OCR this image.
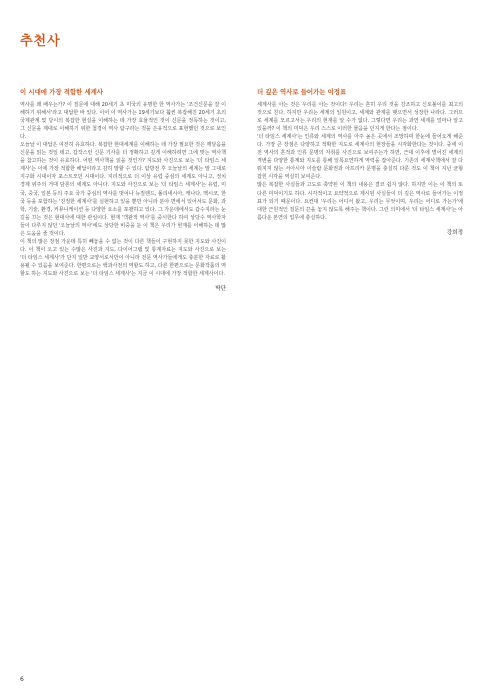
추천사
이 시대에 가장 적합한 세계사

역사를 왜 배우는가? 이 질문에 대해 20세기 초 미국의 유명한 한 역사가는 '조건신문을 잘 이해하기 위해서'라고 대답한 바 있다. 이어 이 역사가는 19세기보다 훨씬 복잡해진 20세기 초의 국제관계 및 당시의 복잡한 현실을 이해하는 데 가장 효율적인 것이 신문을 정독하는 것이고, 그 신문을 제대로 이해하기 위한 첩경이 역사 탐구라는 것을 은유적으로 표현했던 것으로 보인다.

오늘날 이 대답은 여전히 유효하다. 복잡한 현대세계를 이해하는 데 가장 필요한 것은 깨달음을 신문을 읽는 것일 테고, 갑작스런 신문 기사를 더 정확하고 깊게 이해하려면 그에 맞는 역사책을 참고하는 것이 유효하다. 어떤 역사책을 읽을 것인가? 지도와 사진으로 보는 '더 타임스 세계사'는 이에 가장 적합한 해답이라고 감히 말할 수 있다. 탐방전 후 오늘날의 세계는 말 그대로 지구화 시대이자 포스트모던 시대이다. 지리적으로 더 이상 유럽 중심의 세계도 아니고, 정치 경제 위주의 거대 담론의 세계도 아니다. 지도와 사진으로 보는 '더 타임스 세계사'는 유럽, 미국, 중국, 일본 등의 주요 국가 중심의 역사를 벗어나 뉴질랜드, 폴리네시아, 캐나다, 멕시코, 한국 등을 포함하는 '진정한 세계사'를 실현하고 있을 뿐만 아니라 분야 면에서 있어서도 문화, 과학, 기술, 환경, 커뮤니케이션 등 다양한 요소를 포괄하고 있다. 그 가운데에서도 갑수지라는 눈길을 끄는 것은 현대사에 대한 관심이다. 현재 '객관적 역사'를 중시한다 하여 상당수 역사학자들이 다루지 않던 '오늘날의 역사'에도 상당한 비중을 둔 이 책은 우리가 현재를 이해하는 데 많은 도움을 줄 것이다.

이 책의 많은 장점 가운데 특히 빼놓을 수 없는 것이 다른 책들이 구현하지 못한 지도와 사진이다. 이 책이 오고 있는 수많은 사진과 지도, 다이어그램 및 통계자료는 지도와 사진으로 보는 '더 타임스 세계사'가 단지 일반 교양서로서만이 아니라 전문 역사가들에게도 충분한 자료로 활용될 수 있음을 보여준다. 한편으로는 백과사전의 역할도 하고, 다른 한편으로는 문화작품의 역할도 하는 지도와 사진으로 보는 '더 타임스 세계사'는 지금 이 시대에 가장 적합한 세계사이다.

박단
더 깊은 역사로 들어가는 이정표

세계사를 아는 것은 우리를 아는 것이다! 우리는 흔히 우리 것을 강조하고 신토불이를 최고의 것으로 친다. 하지만 우리는 세계의 일원이고, 세계와 관계를 맺으면서 성장한 나라다. 그러므로 세계를 모르고서는 우리의 현재를 알 수가 없다. 그렇다면 우리는 과연 세계를 얼마나 알고 있을까? 이 책의 미덕은 우리 스스로 이러한 물음을 던지게 한다는 점이다.

'더 타임스 세계사'는 인류와 세계의 역사를 아주 높은 곳에서 조망하며 한눈에 들어오게 해준다. 가장 큰 장점은 다양하고 적확한 지도로 세계사의 현장들을 시각화한다는 것이다. 중세 이전 역사의 흔적과 인류 문명의 자취를 사진으로 보여주는가 하면, 근대 이후에 벌어진 세계의 격변을 다양한 통계와 지도를 통해 일목요연하게 역력을 잡아준다. 기존의 세계사책에서 잘 다뤄지지 않는 서아시아 이슬람 문화권과 아프리카 문명을 충실히 다룬 것도 이 책이 지닌 균형 잡힌 시각을 역실히 보여준다.

많은 복잡한 사실들과 고도로 축약된 이 책의 내용은 결코 쉽지 않다. 하지만 이는 이 책의 또 다른 미덕이기도 하다. 시각적이고 요약적으로 제시된 사실들이 더 깊은 역사로 들어가는 이정표가 되기 때문이다. 요컨대 '우리는 어디서 왔고, 우리는 무엇이며, 우리는 어디로 가는가'에 대한 근원적인 질문의 끈을 놓지 않도록 해주는 책이다. 그런 의미에서 '더 타임스 세계사'는 아름다운 본연의 업무에 충실하다.

강희정
6
